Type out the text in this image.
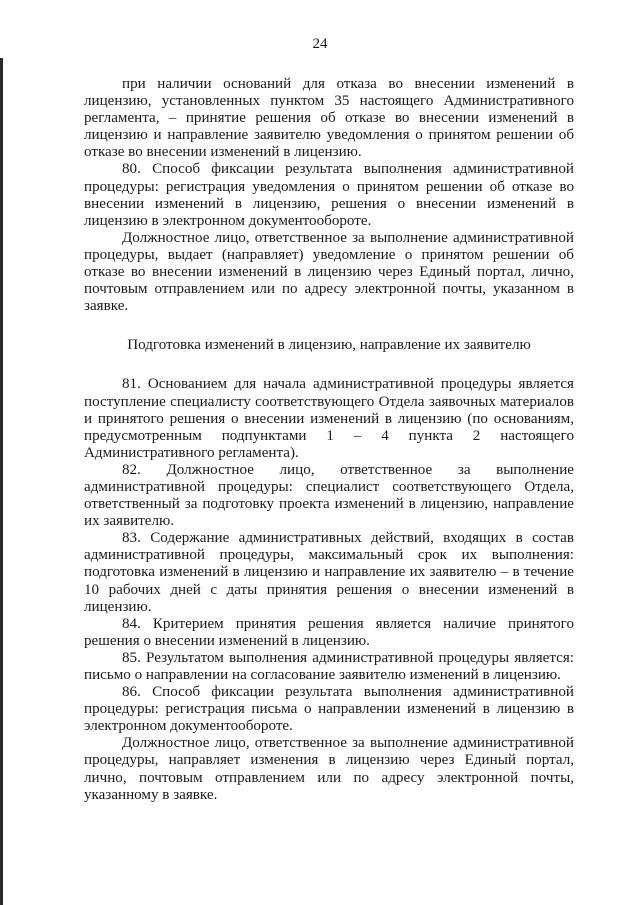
24

при наличии оснований для отказа во внесении изменений в лицензию, установленных пунктом 35 настоящего Административного регламента, – принятие решения об отказе во внесении изменений в лицензию и направление заявителю уведомления о принятом решении об отказе во внесении изменений в лицензию.

80. Способ фиксации результата выполнения административной процедуры: регистрация уведомления о принятом решении об отказе во внесении изменений в лицензию, решения о внесении изменений в лицензию в электронном документообороте.

Должностное лицо, ответственное за выполнение административной процедуры, выдает (направляет) уведомление о принятом решении об отказе во внесении изменений в лицензию через Единый портал, лично, почтовым отправлением или по адресу электронной почты, указанном в заявке.

Подготовка изменений в лицензию, направление их заявителю

81. Основанием для начала административной процедуры является поступление специалисту соответствующего Отдела заявочных материалов и принятого решения о внесении изменений в лицензию (по основаниям, предусмотренным подпунктами 1 – 4 пункта 2 настоящего Административного регламента).

82. Должностное лицо, ответственное за выполнение административной процедуры: специалист соответствующего Отдела, ответственный за подготовку проекта изменений в лицензию, направление их заявителю.

83. Содержание административных действий, входящих в состав административной процедуры, максимальный срок их выполнения: подготовка изменений в лицензию и направление их заявителю – в течение 10 рабочих дней с даты принятия решения о внесении изменений в лицензию.

84. Критерием принятия решения является наличие принятого решения о внесении изменений в лицензию.

85. Результатом выполнения административной процедуры является: письмо о направлении на согласование заявителю изменений в лицензию.

86. Способ фиксации результата выполнения административной процедуры: регистрация письма о направлении изменений в лицензию в электронном документообороте.

Должностное лицо, ответственное за выполнение административной процедуры, направляет изменения в лицензию через Единый портал, лично, почтовым отправлением или по адресу электронной почты, указанному в заявке.
